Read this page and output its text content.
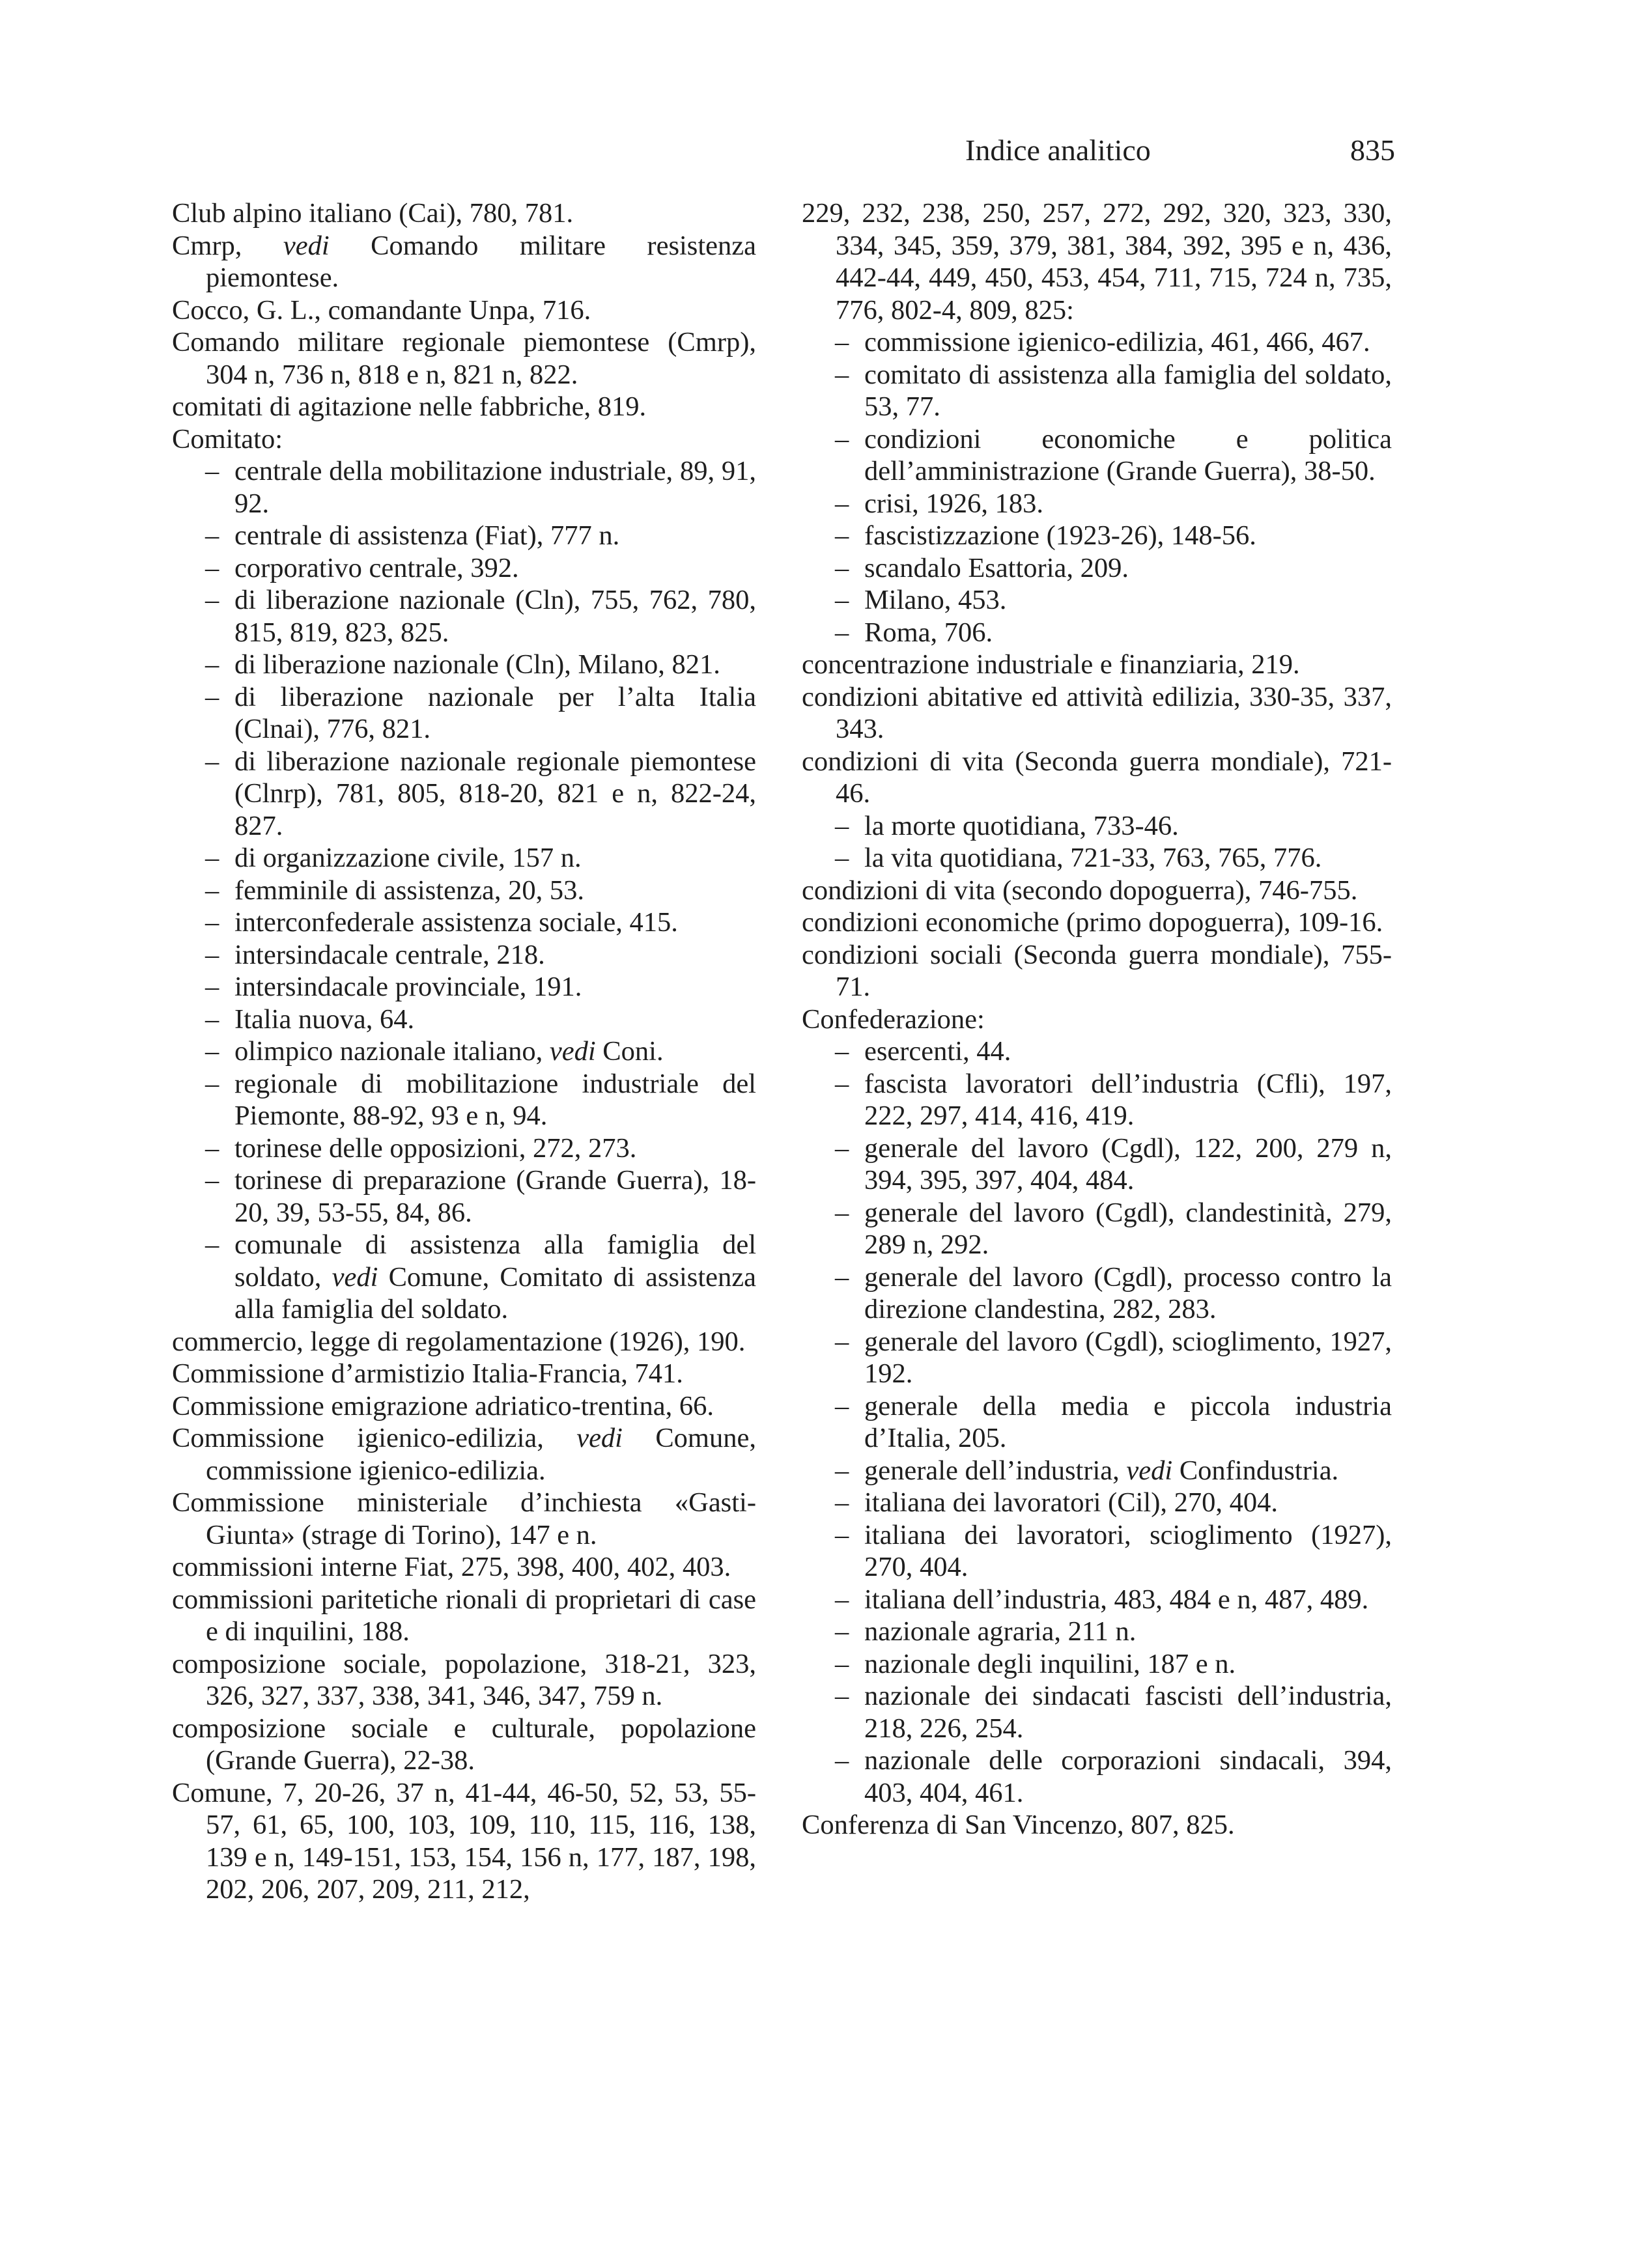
Indice analitico	835
Club alpino italiano (Cai), 780, 781.
Cmrp, vedi Comando militare resistenza piemontese.
Cocco, G. L., comandante Unpa, 716.
Comando militare regionale piemontese (Cmrp), 304 n, 736 n, 818 e n, 821 n, 822.
comitati di agitazione nelle fabbriche, 819.
Comitato:
– centrale della mobilitazione industriale, 89, 91, 92.
– centrale di assistenza (Fiat), 777 n.
– corporativo centrale, 392.
– di liberazione nazionale (Cln), 755, 762, 780, 815, 819, 823, 825.
– di liberazione nazionale (Cln), Milano, 821.
– di liberazione nazionale per l’alta Italia (Clnai), 776, 821.
– di liberazione nazionale regionale piemontese (Clnrp), 781, 805, 818-20, 821 e n, 822-24, 827.
– di organizzazione civile, 157 n.
– femminile di assistenza, 20, 53.
– interconfederale assistenza sociale, 415.
– intersindacale centrale, 218.
– intersindacale provinciale, 191.
– Italia nuova, 64.
– olimpico nazionale italiano, vedi Coni.
– regionale di mobilitazione industriale del Piemonte, 88-92, 93 e n, 94.
– torinese delle opposizioni, 272, 273.
– torinese di preparazione (Grande Guerra), 18-20, 39, 53-55, 84, 86.
– comunale di assistenza alla famiglia del soldato, vedi Comune, Comitato di assistenza alla famiglia del soldato.
commercio, legge di regolamentazione (1926), 190.
Commissione d’armistizio Italia-Francia, 741.
Commissione emigrazione adriatico-trentina, 66.
Commissione igienico-edilizia, vedi Comune, commissione igienico-edilizia.
Commissione ministeriale d’inchiesta «Gasti-Giunta» (strage di Torino), 147 e n.
commissioni interne Fiat, 275, 398, 400, 402, 403.
commissioni paritetiche rionali di proprietari di case e di inquilini, 188.
composizione sociale, popolazione, 318-21, 323, 326, 327, 337, 338, 341, 346, 347, 759 n.
composizione sociale e culturale, popolazione (Grande Guerra), 22-38.
Comune, 7, 20-26, 37 n, 41-44, 46-50, 52, 53, 55-57, 61, 65, 100, 103, 109, 110, 115, 116, 138, 139 e n, 149-151, 153, 154, 156 n, 177, 187, 198, 202, 206, 207, 209, 211, 212,
229, 232, 238, 250, 257, 272, 292, 320, 323, 330, 334, 345, 359, 379, 381, 384, 392, 395 e n, 436, 442-44, 449, 450, 453, 454, 711, 715, 724 n, 735, 776, 802-4, 809, 825:
– commissione igienico-edilizia, 461, 466, 467.
– comitato di assistenza alla famiglia del soldato, 53, 77.
– condizioni economiche e politica dell’amministrazione (Grande Guerra), 38-50.
– crisi, 1926, 183.
– fascistizzazione (1923-26), 148-56.
– scandalo Esattoria, 209.
– Milano, 453.
– Roma, 706.
concentrazione industriale e finanziaria, 219.
condizioni abitative ed attività edilizia, 330-35, 337, 343.
condizioni di vita (Seconda guerra mondiale), 721-46.
– la morte quotidiana, 733-46.
– la vita quotidiana, 721-33, 763, 765, 776.
condizioni di vita (secondo dopoguerra), 746-755.
condizioni economiche (primo dopoguerra), 109-16.
condizioni sociali (Seconda guerra mondiale), 755-71.
Confederazione:
– esercenti, 44.
– fascista lavoratori dell’industria (Cfli), 197, 222, 297, 414, 416, 419.
– generale del lavoro (Cgdl), 122, 200, 279 n, 394, 395, 397, 404, 484.
– generale del lavoro (Cgdl), clandestinità, 279, 289 n, 292.
– generale del lavoro (Cgdl), processo contro la direzione clandestina, 282, 283.
– generale del lavoro (Cgdl), scioglimento, 1927, 192.
– generale della media e piccola industria d’Italia, 205.
– generale dell’industria, vedi Confindustria.
– italiana dei lavoratori (Cil), 270, 404.
– italiana dei lavoratori, scioglimento (1927), 270, 404.
– italiana dell’industria, 483, 484 e n, 487, 489.
– nazionale agraria, 211 n.
– nazionale degli inquilini, 187 e n.
– nazionale dei sindacati fascisti dell’industria, 218, 226, 254.
– nazionale delle corporazioni sindacali, 394, 403, 404, 461.
Conferenza di San Vincenzo, 807, 825.
